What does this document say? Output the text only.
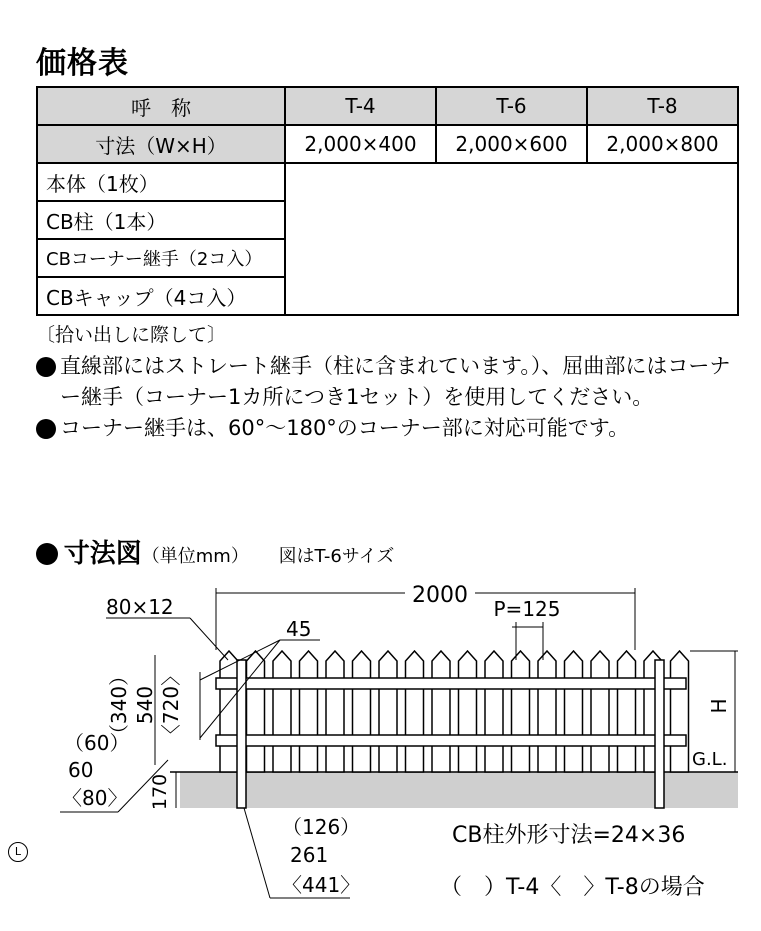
価格表
呼　称	T-4	T-6	T-8
寸法（W×H）	2,000×400	2,000×600	2,000×800
本体（1枚）			
CB柱（1本）			
CBコーナー継手（2コ入）			
CBキャップ（4コ入）			
〔拾い出しに際して〕
直線部にはストレート継手（柱に含まれています。）、屈曲部にはコーナー継手（コーナー1カ所につき1セット）を使用してください。
コーナー継手は、60°～180°のコーナー部に対応可能です。
寸法図（単位mm） 図はT-6サイズ
2000
P=125
80×12
45
（340） 540 〈720〉
（60）
60
〈80〉 170
（126）
261
〈441〉
H
G.L.
CB柱外形寸法=24×36
（　）T-4〈　〉T-8の場合
L
